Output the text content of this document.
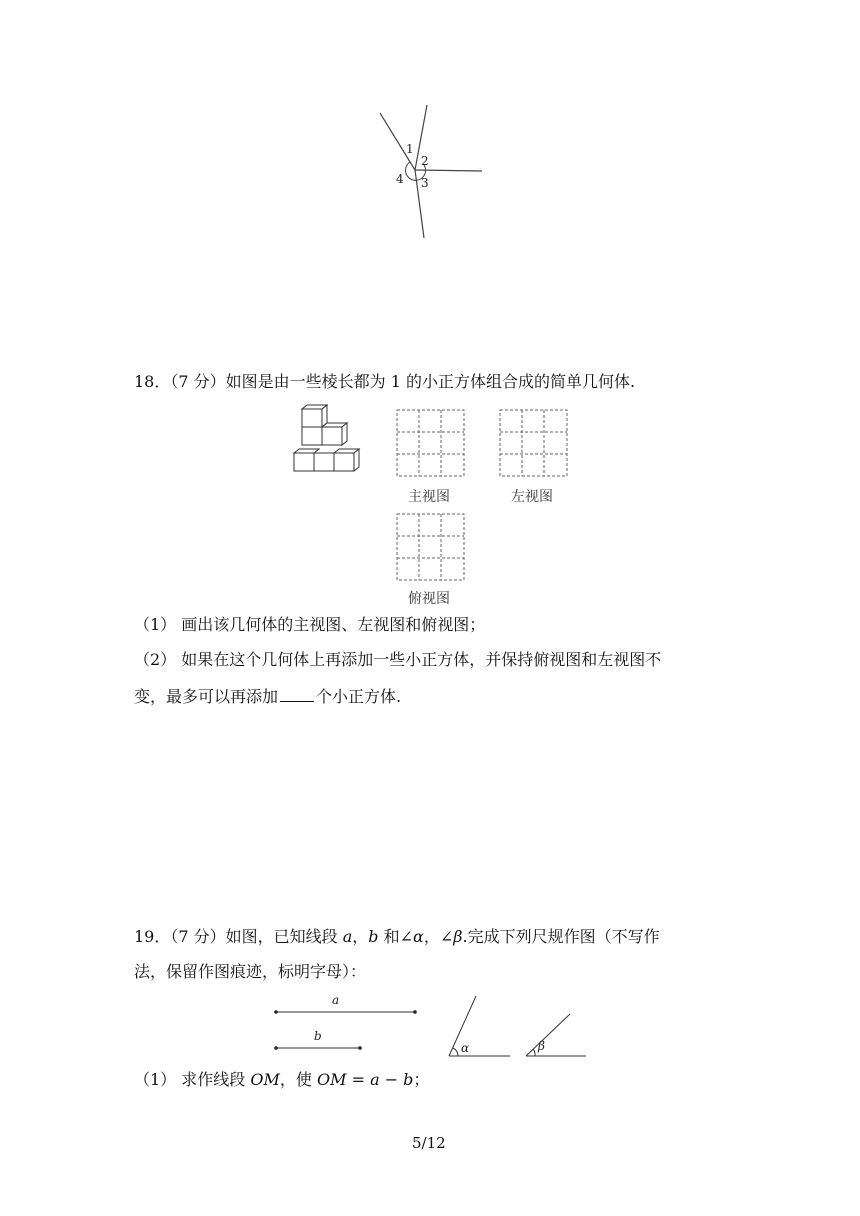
1
2
3
4
18．（7 分）如图是由一些棱长都为 1 的小正方体组合成的简单几何体.
主视图	左视图
俯视图
（1） 画出该几何体的主视图、左视图和俯视图；
（2） 如果在这个几何体上再添加一些小正方体，并保持俯视图和左视图不
变，最多可以再添加 个小正方体.
19．（7 分）如图，已知线段 a，b 和∠α，∠β.完成下列尺规作图（不写作
法，保留作图痕迹，标明字母）：
a
b
α	β
（1） 求作线段 OM，使 OM = a − b；
5/12
